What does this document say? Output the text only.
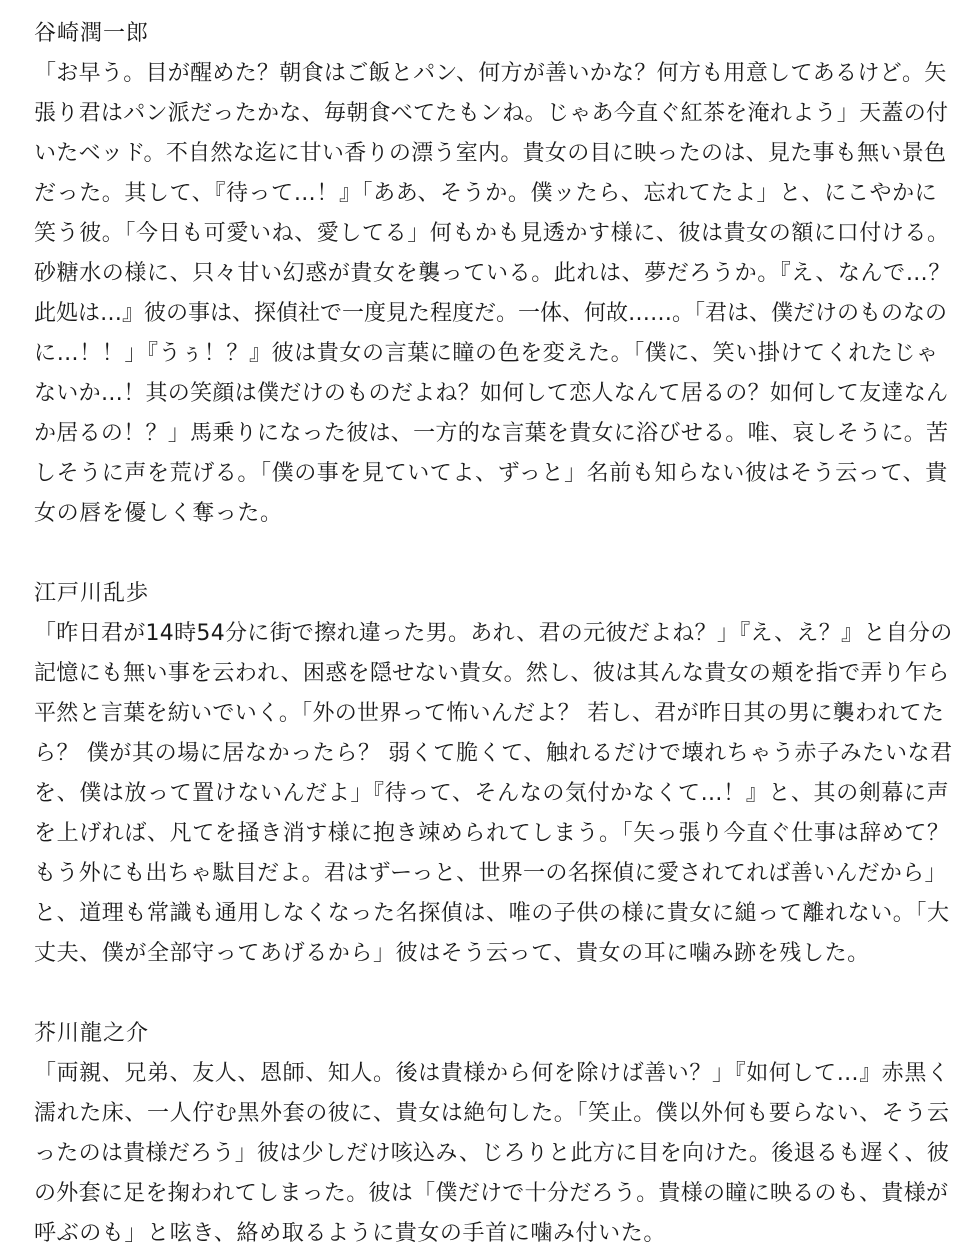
谷崎潤一郎

「お早う。目が醒めた？朝食はご飯とパン、何方が善いかな？何方も用意してあるけど。矢
張り君はパン派だったかな、毎朝食べてたもンね。じゃあ今直ぐ紅茶を淹れよう」天蓋の付
いたベッド。不自然な迄に甘い香りの漂う室内。貴女の目に映ったのは、見た事も無い景色
だった。其して、『待って…！』「ああ、そうか。僕ッたら、忘れてたよ」と、にこやかに
笑う彼。「今日も可愛いね、愛してる」何もかも見透かす様に、彼は貴女の額に口付ける。
砂糖水の様に、只々甘い幻惑が貴女を襲っている。此れは、夢だろうか。『え、なんで…？
此処は…』彼の事は、探偵社で一度見た程度だ。一体、何故……。「君は、僕だけのものなの
に…！！」『うぅ！？』彼は貴女の言葉に瞳の色を変えた。「僕に、笑い掛けてくれたじゃ
ないか…！其の笑顔は僕だけのものだよね？如何して恋人なんて居るの？如何して友達なん
か居るの！？」馬乗りになった彼は、一方的な言葉を貴女に浴びせる。唯、哀しそうに。苦
しそうに声を荒げる。「僕の事を見ていてよ、ずっと」名前も知らない彼はそう云って、貴
女の唇を優しく奪った。

江戸川乱歩

「昨日君が14時54分に街で擦れ違った男。あれ、君の元彼だよね？」『え、え？』と自分の
記憶にも無い事を云われ、困惑を隠せない貴女。然し、彼は其んな貴女の頬を指で弄り乍ら
平然と言葉を紡いでいく。「外の世界って怖いんだよ？ 若し、君が昨日其の男に襲われてた
ら？ 僕が其の場に居なかったら？ 弱くて脆くて、触れるだけで壊れちゃう赤子みたいな君
を、僕は放って置けないんだよ」『待って、そんなの気付かなくて…！』と、其の剣幕に声
を上げれば、凡てを掻き消す様に抱き竦められてしまう。「矢っ張り今直ぐ仕事は辞めて？
もう外にも出ちゃ駄目だよ。君はずーっと、世界一の名探偵に愛されてれば善いんだから」
と、道理も常識も通用しなくなった名探偵は、唯の子供の様に貴女に縋って離れない。「大
丈夫、僕が全部守ってあげるから」彼はそう云って、貴女の耳に噛み跡を残した。

芥川龍之介

「両親、兄弟、友人、恩師、知人。後は貴様から何を除けば善い？」『如何して…』赤黒く
濡れた床、一人佇む黒外套の彼に、貴女は絶句した。「笑止。僕以外何も要らない、そう云
ったのは貴様だろう」彼は少しだけ咳込み、じろりと此方に目を向けた。後退るも遅く、彼
の外套に足を掬われてしまった。彼は「僕だけで十分だろう。貴様の瞳に映るのも、貴様が
呼ぶのも」と呟き、絡め取るように貴女の手首に噛み付いた。
